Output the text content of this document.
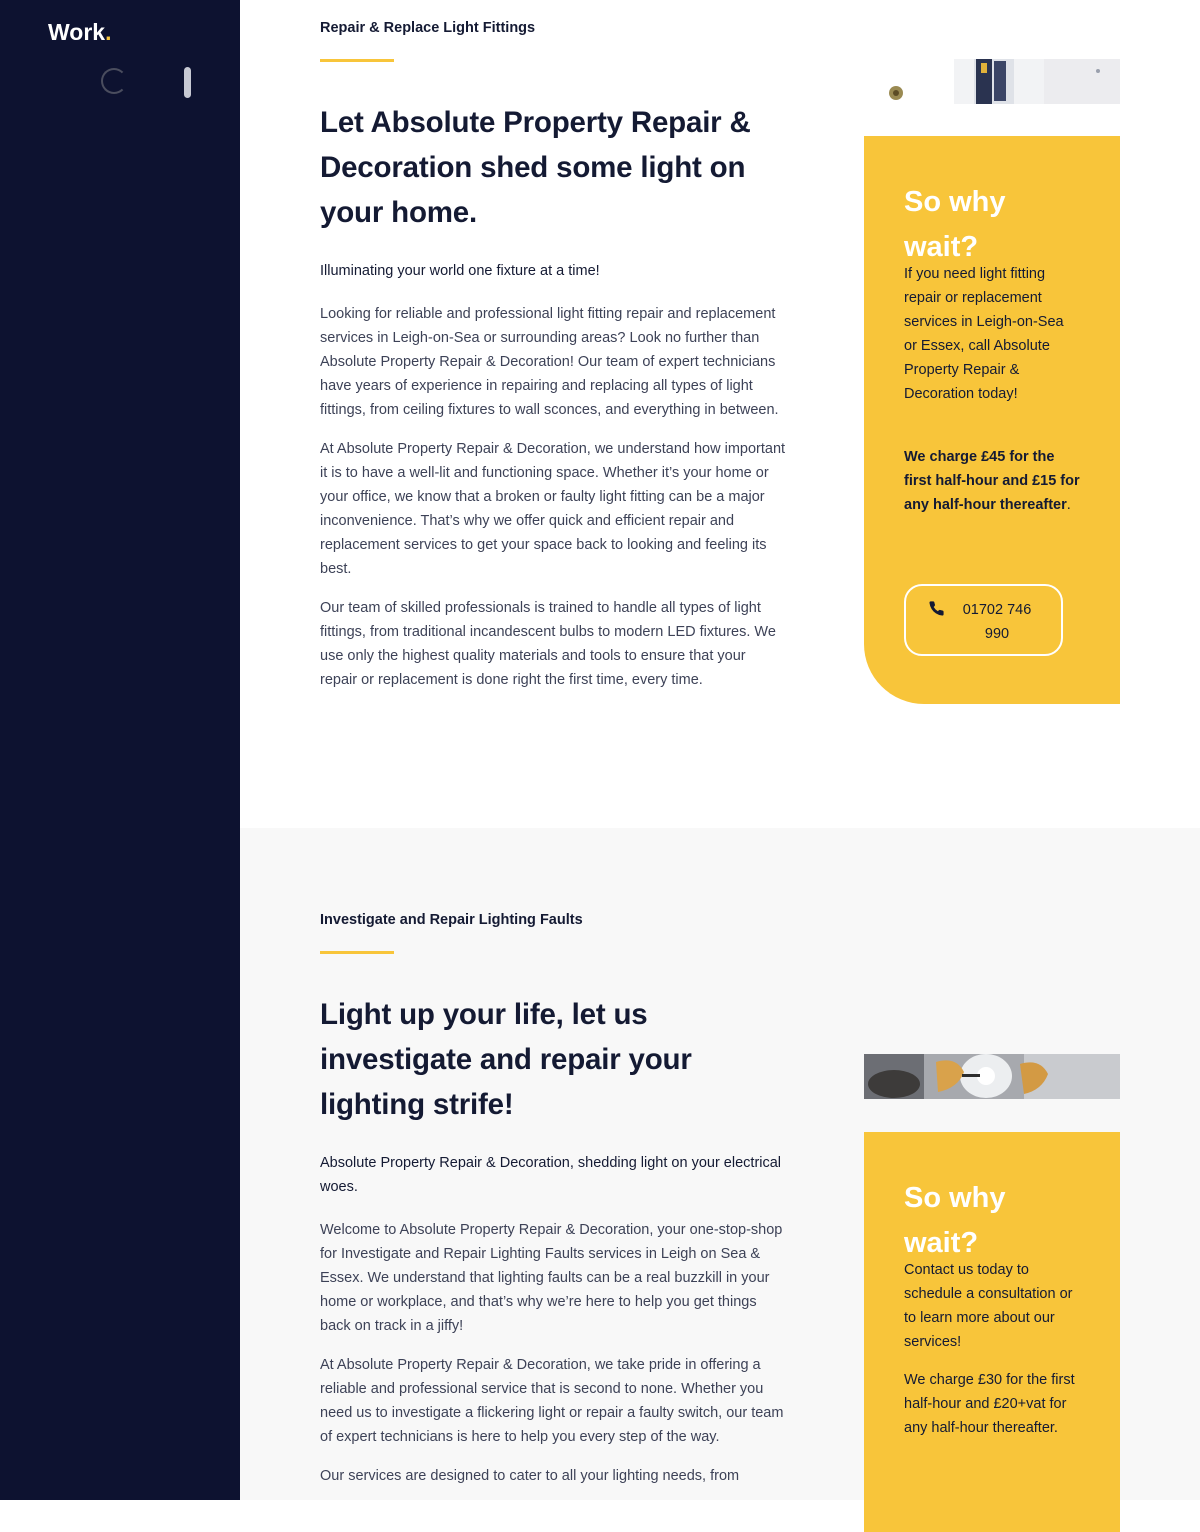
Work.	Repair & Replace Light Fittings

Let Absolute Property Repair & Decoration shed some light on your home.

Illuminating your world one fixture at a time!

Looking for reliable and professional light fitting repair and replacement services in Leigh-on-Sea or surrounding areas? Look no further than Absolute Property Repair & Decoration! Our team of expert technicians have years of experience in repairing and replacing all types of light fittings, from ceiling fixtures to wall sconces, and everything in between.

At Absolute Property Repair & Decoration, we understand how important it is to have a well-lit and functioning space. Whether it’s your home or your office, we know that a broken or faulty light fitting can be a major inconvenience. That’s why we offer quick and efficient repair and replacement services to get your space back to looking and feeling its best.

Our team of skilled professionals is trained to handle all types of light fittings, from traditional incandescent bulbs to modern LED fixtures. We use only the highest quality materials and tools to ensure that your repair or replacement is done right the first time, every time.

So why wait?

If you need light fitting repair or replacement services in Leigh-on-Sea or Essex, call Absolute Property Repair & Decoration today!

We charge £45 for the first half-hour and £15 for any half-hour thereafter.

01702 746 990

Investigate and Repair Lighting Faults

Light up your life, let us investigate and repair your lighting strife!

Absolute Property Repair & Decoration, shedding light on your electrical woes.

Welcome to Absolute Property Repair & Decoration, your one-stop-shop for Investigate and Repair Lighting Faults services in Leigh on Sea & Essex. We understand that lighting faults can be a real buzzkill in your home or workplace, and that’s why we’re here to help you get things back on track in a jiffy!

At Absolute Property Repair & Decoration, we take pride in offering a reliable and professional service that is second to none. Whether you need us to investigate a flickering light or repair a faulty switch, our team of expert technicians is here to help you every step of the way.

Our services are designed to cater to all your lighting needs, from

So why wait?

Contact us today to schedule a consultation or to learn more about our services!

We charge £30 for the first half-hour and £20+vat for any half-hour thereafter.
